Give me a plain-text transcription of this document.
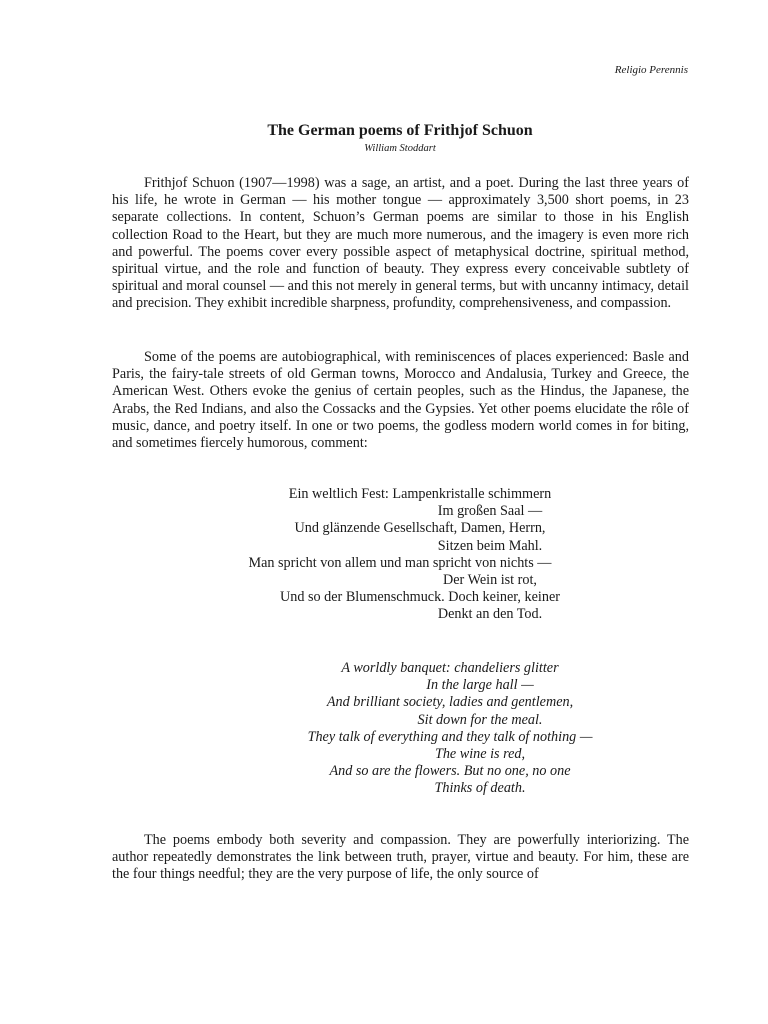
Religio Perennis
The German poems of Frithjof Schuon
William Stoddart

Frithjof Schuon (1907—1998) was a sage, an artist, and a poet. During the last three years of his life, he wrote in German — his mother tongue — approximately 3,500 short poems, in 23 separate collections. In content, Schuon’s German poems are similar to those in his English collection Road to the Heart, but they are much more numerous, and the imagery is even more rich and powerful. The poems cover every possible aspect of metaphysical doctrine, spiritual method, spiritual virtue, and the role and function of beauty. They express every conceivable subtlety of spiritual and moral counsel — and this not merely in general terms, but with uncanny intimacy, detail and precision. They exhibit incredible sharpness, profundity, comprehensiveness, and compassion.

Some of the poems are autobiographical, with reminiscences of places experienced: Basle and Paris, the fairy-tale streets of old German towns, Morocco and Andalusia, Turkey and Greece, the American West. Others evoke the genius of certain peoples, such as the Hindus, the Japanese, the Arabs, the Red Indians, and also the Cossacks and the Gypsies. Yet other poems elucidate the rôle of music, dance, and poetry itself. In one or two poems, the godless modern world comes in for biting, and sometimes fiercely humorous, comment:

Ein weltlich Fest: Lampenkristalle schimmern
Im großen Saal —
Und glänzende Gesellschaft, Damen, Herrn,
Sitzen beim Mahl.
Man spricht von allem und man spricht von nichts —
Der Wein ist rot,
Und so der Blumenschmuck. Doch keiner, keiner
Denkt an den Tod.
A worldly banquet: chandeliers glitter
In the large hall —
And brilliant society, ladies and gentlemen,
Sit down for the meal.
They talk of everything and they talk of nothing —
The wine is red,
And so are the flowers. But no one, no one
Thinks of death.

The poems embody both severity and compassion. They are powerfully interiorizing. The author repeatedly demonstrates the link between truth, prayer, virtue and beauty. For him, these are the four things needful; they are the very purpose of life, the only source of
